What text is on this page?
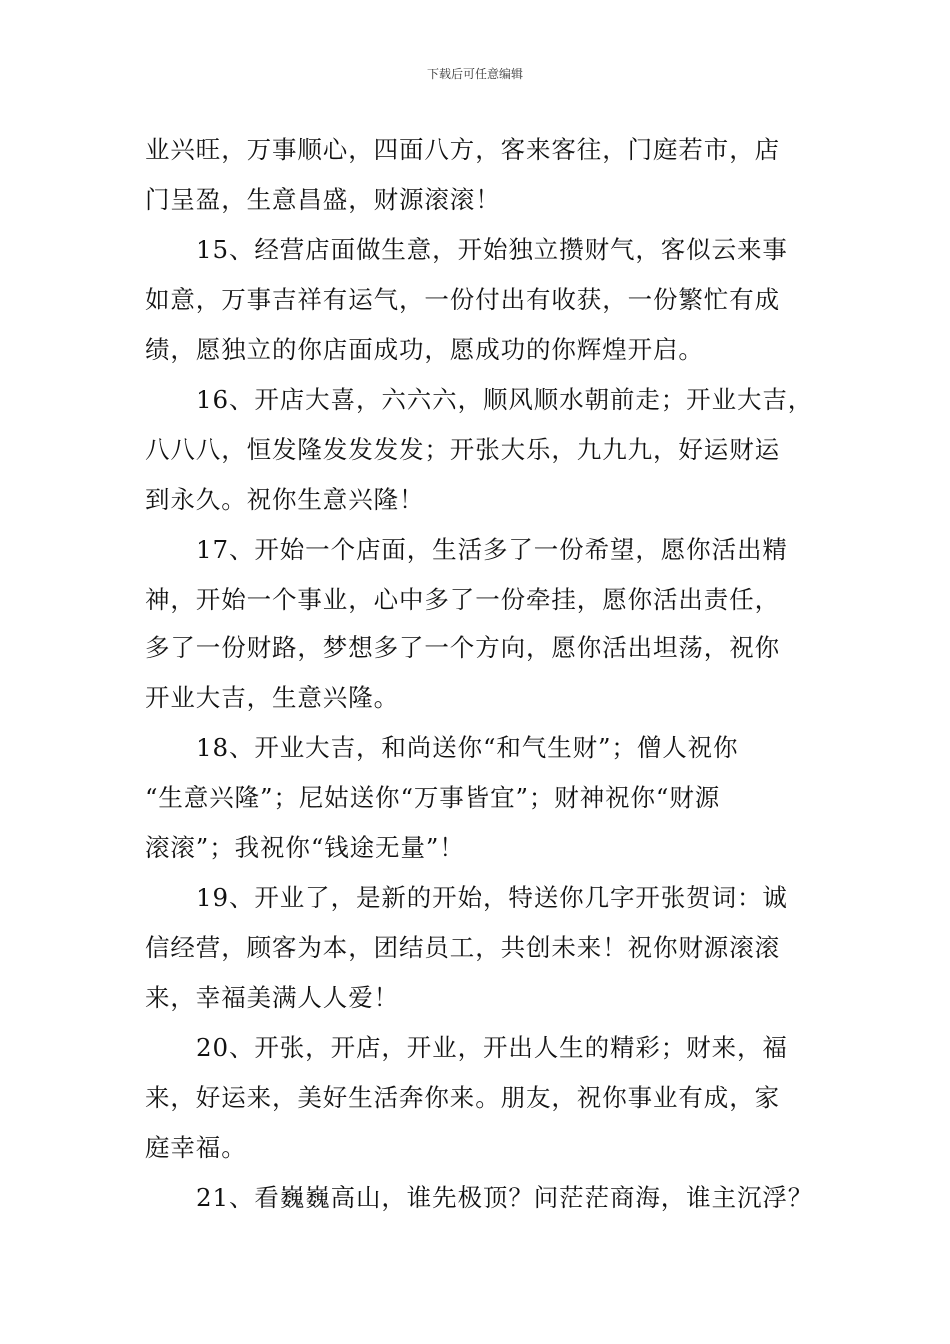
下载后可任意编辑
业兴旺，万事顺心，四面八方，客来客往，门庭若市，店
门呈盈，生意昌盛，财源滚滚！
15、经营店面做生意，开始独立攒财气，客似云来事
如意，万事吉祥有运气，一份付出有收获，一份繁忙有成
绩，愿独立的你店面成功，愿成功的你辉煌开启。
16、开店大喜，六六六，顺风顺水朝前走；开业大吉，
八八八，恒发隆发发发发；开张大乐，九九九，好运财运
到永久。祝你生意兴隆！
17、开始一个店面，生活多了一份希望，愿你活出精
神，开始一个事业，心中多了一份牵挂，愿你活出责任，
多了一份财路，梦想多了一个方向，愿你活出坦荡，祝你
开业大吉，生意兴隆。
18、开业大吉，和尚送你“和气生财”；僧人祝你
“生意兴隆”；尼姑送你“万事皆宜”；财神祝你“财源
滚滚”；我祝你“钱途无量”！
19、开业了，是新的开始，特送你几字开张贺词：诚
信经营，顾客为本，团结员工，共创未来！祝你财源滚滚
来，幸福美满人人爱！
20、开张，开店，开业，开出人生的精彩；财来，福
来，好运来，美好生活奔你来。朋友，祝你事业有成，家
庭幸福。
21、看巍巍高山，谁先极顶？问茫茫商海，谁主沉浮？
